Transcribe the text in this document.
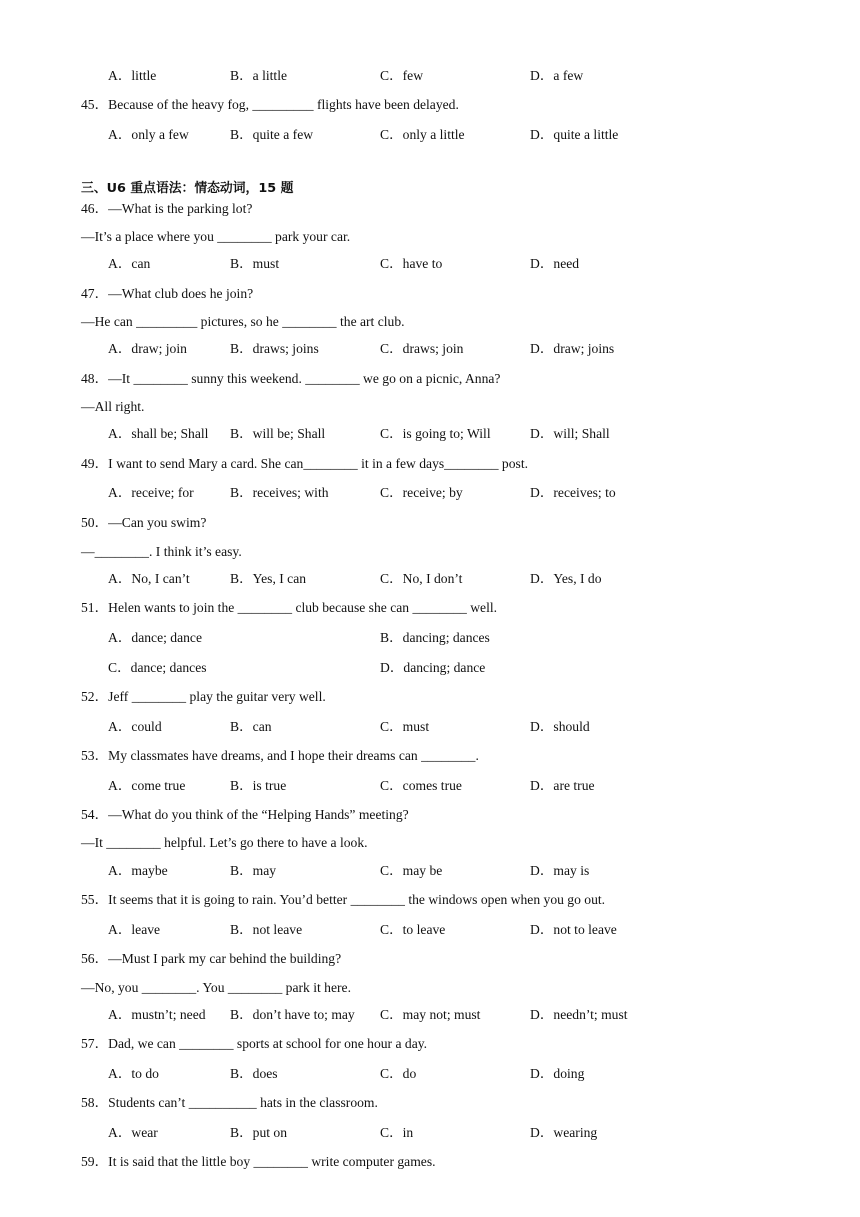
A．little	B．a little	C．few	D．a few
45．Because of the heavy fog, _________ flights have been delayed.
A．only a few	B．quite a few	C．only a little	D．quite a little
三、U6 重点语法：情态动词，15 题
46．—What is the parking lot?
—It’s a place where you ________ park your car.
A．can	B．must	C．have to	D．need
47．—What club does he join?
—He can _________ pictures, so he ________ the art club.
A．draw; join	B．draws; joins	C．draws; join	D．draw; joins
48．—It ________ sunny this weekend. ________ we go on a picnic, Anna?
—All right.
A．shall be; Shall B．will be; Shall	C．is going to; Will	D．will; Shall
49．I want to send Mary a card. She can________ it in a few days________ post.
A．receive; for	B．receives; with	C．receive; by	D．receives; to
50．—Can you swim?
—________. I think it’s easy.
A．No, I can’t	B．Yes, I can	C．No, I don’t	D．Yes, I do
51．Helen wants to join the ________ club because she can ________ well.
A．dance; dance	B．dancing; dances
C．dance; dances	D．dancing; dance
52．Jeff ________ play the guitar very well.
A．could	B．can	C．must	D．should
53．My classmates have dreams, and I hope their dreams can ________.
A．come true	B．is true	C．comes true	D．are true
54．—What do you think of the “Helping Hands” meeting?
—It ________ helpful. Let’s go there to have a look.
A．maybe	B．may	C．may be	D．may is
55．It seems that it is going to rain. You’d better ________ the windows open when you go out.
A．leave	B．not leave	C．to leave	D．not to leave
56．—Must I park my car behind the building?
—No, you ________. You ________ park it here.
A．mustn’t; need B．don’t have to; may C．may not; must	D．needn’t; must
57．Dad, we can ________ sports at school for one hour a day.
A．to do	B．does	C．do	D．doing
58．Students can’t __________ hats in the classroom.
A．wear	B．put on	C．in	D．wearing
59．It is said that the little boy ________ write computer games.
